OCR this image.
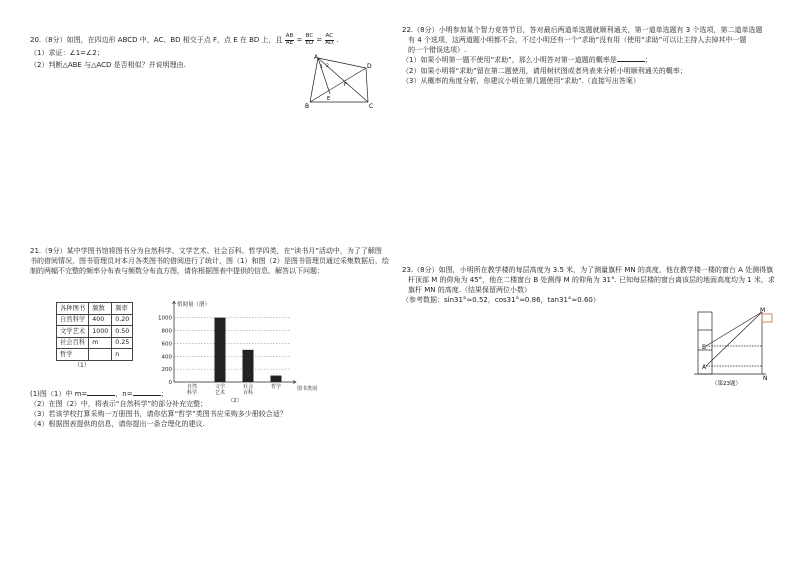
20.（8分）如图，在四边形 ABCD 中，AC、BD 相交于点 F，点 E 在 BD 上，且 $\frac{AB}{AE} = \frac{BC}{ED} = \frac{AC}{AD}$ .
（1）求证：∠1=∠2；
（2）判断△ABE 与△ACD 是否相似？并说明理由.
A
D
C
B
E
F
1 2
22.（8分）小明参加某个智力竞答节目，答对最后两道单选题就顺利通关，第一道单选题有 3 个选项，第二道单选题
有 4 个选项，这两道题小明都不会，不过小明还有一个“求助”没有用（使用“求助”可以让主持人去掉其中一题
的一个错误选项）.
（1）如果小明第一题不使用“求助”，那么小明答对第一道题的概率是	；
（2）如果小明将“求助”留在第二题使用，请用树状图或者列表来分析小明顺利通关的概率；
（3）从概率的角度分析，你建议小明在第几题使用“求助”.（直接写出答案）
21.（9分）某中学图书馆将图书分为自然科学、文学艺术、社会百科、哲学四类，在“读书月”活动中，为了了解图
书的借阅情况，图书管理员对本月各类图书的借阅进行了统计，图（1）和图（2）是图书管理员通过采集数据后，绘
制的两幅不完整的频率分布表与频数分布直方图，请你根据图表中提供的信息，解答以下问题：
各种图书	频数	频率
自然科学	400	0.20
文学艺术	1000	0.50
社会百科	m	0.25
哲学		n
（1）
0
200
400
600
800
1000
借阅量（册）
图书类别
自然
科学
文学
艺术
社会
百科
哲学
（2）
(1)图（1）中 m=	，n=	；
（2）在图（2）中，将表示“自然科学”的部分补充完整；
（3）若该学校打算采购一万册图书，请你估算“哲学”类图书应采购多少册较合适？
（4）根据图表提供的信息，请你提出一条合理化的建议.
23.（8分）如图，小明所在教学楼的每层高度为 3.5 米，为了测量旗杆 MN 的高度，他在教学楼一楼的窗台 A 处测得旗
杆顶部 M 的仰角为 45°，他在二楼窗台 B 处测得 M 的仰角为 31°. 已知每层楼的窗台离该层的地面高度均为 1 米，求
旗杆 MN 的高度.（结果保留两位小数）
（参考数据：sin31°≈0.52，cos31°≈0.86，tan31°≈0.60）
M
N
B
A
（第23题）
